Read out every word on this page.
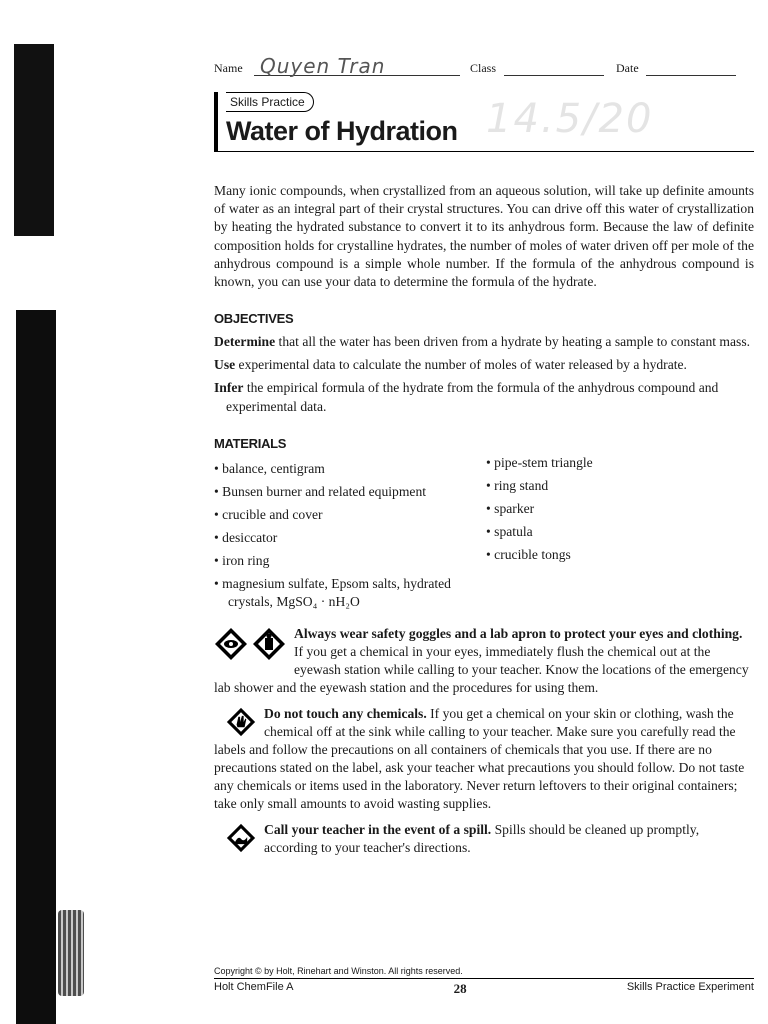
Name Quyen Tran	Class	Date
Skills Practice
Water of Hydration 14.5/20

Many ionic compounds, when crystallized from an aqueous solution, will take up definite amounts of water as an integral part of their crystal structures. You can drive off this water of crystallization by heating the hydrated substance to convert it to its anhydrous form. Because the law of definite composition holds for crystalline hydrates, the number of moles of water driven off per mole of the anhydrous compound is a simple whole number. If the formula of the anhydrous compound is known, you can use your data to determine the formula of the hydrate.

OBJECTIVES

Determine that all the water has been driven from a hydrate by heating a sample to constant mass.

Use experimental data to calculate the number of moles of water released by a hydrate.

Infer the empirical formula of the hydrate from the formula of the anhydrous compound and experimental data.

MATERIALS
• balance, centigram
• Bunsen burner and related equipment
• crucible and cover
• desiccator
• iron ring
• magnesium sulfate, Epsom salts, hydrated crystals, MgSO₄ · nH₂O
• pipe-stem triangle
• ring stand
• sparker
• spatula
• crucible tongs
Always wear safety goggles and a lab apron to protect your eyes and clothing. If you get a chemical in your eyes, immediately flush the chemical out at the eyewash station while calling to your teacher. Know the locations of the emergency lab shower and the eyewash station and the procedures for using them.
Do not touch any chemicals. If you get a chemical on your skin or clothing, wash the chemical off at the sink while calling to your teacher. Make sure you carefully read the labels and follow the precautions on all containers of chemicals that you use. If there are no precautions stated on the label, ask your teacher what precautions you should follow. Do not taste any chemicals or items used in the laboratory. Never return leftovers to their original containers; take only small amounts to avoid wasting supplies.
Call your teacher in the event of a spill. Spills should be cleaned up promptly, according to your teacher's directions.
Copyright © by Holt, Rinehart and Winston. All rights reserved.
Holt ChemFile A	28	Skills Practice Experiment
